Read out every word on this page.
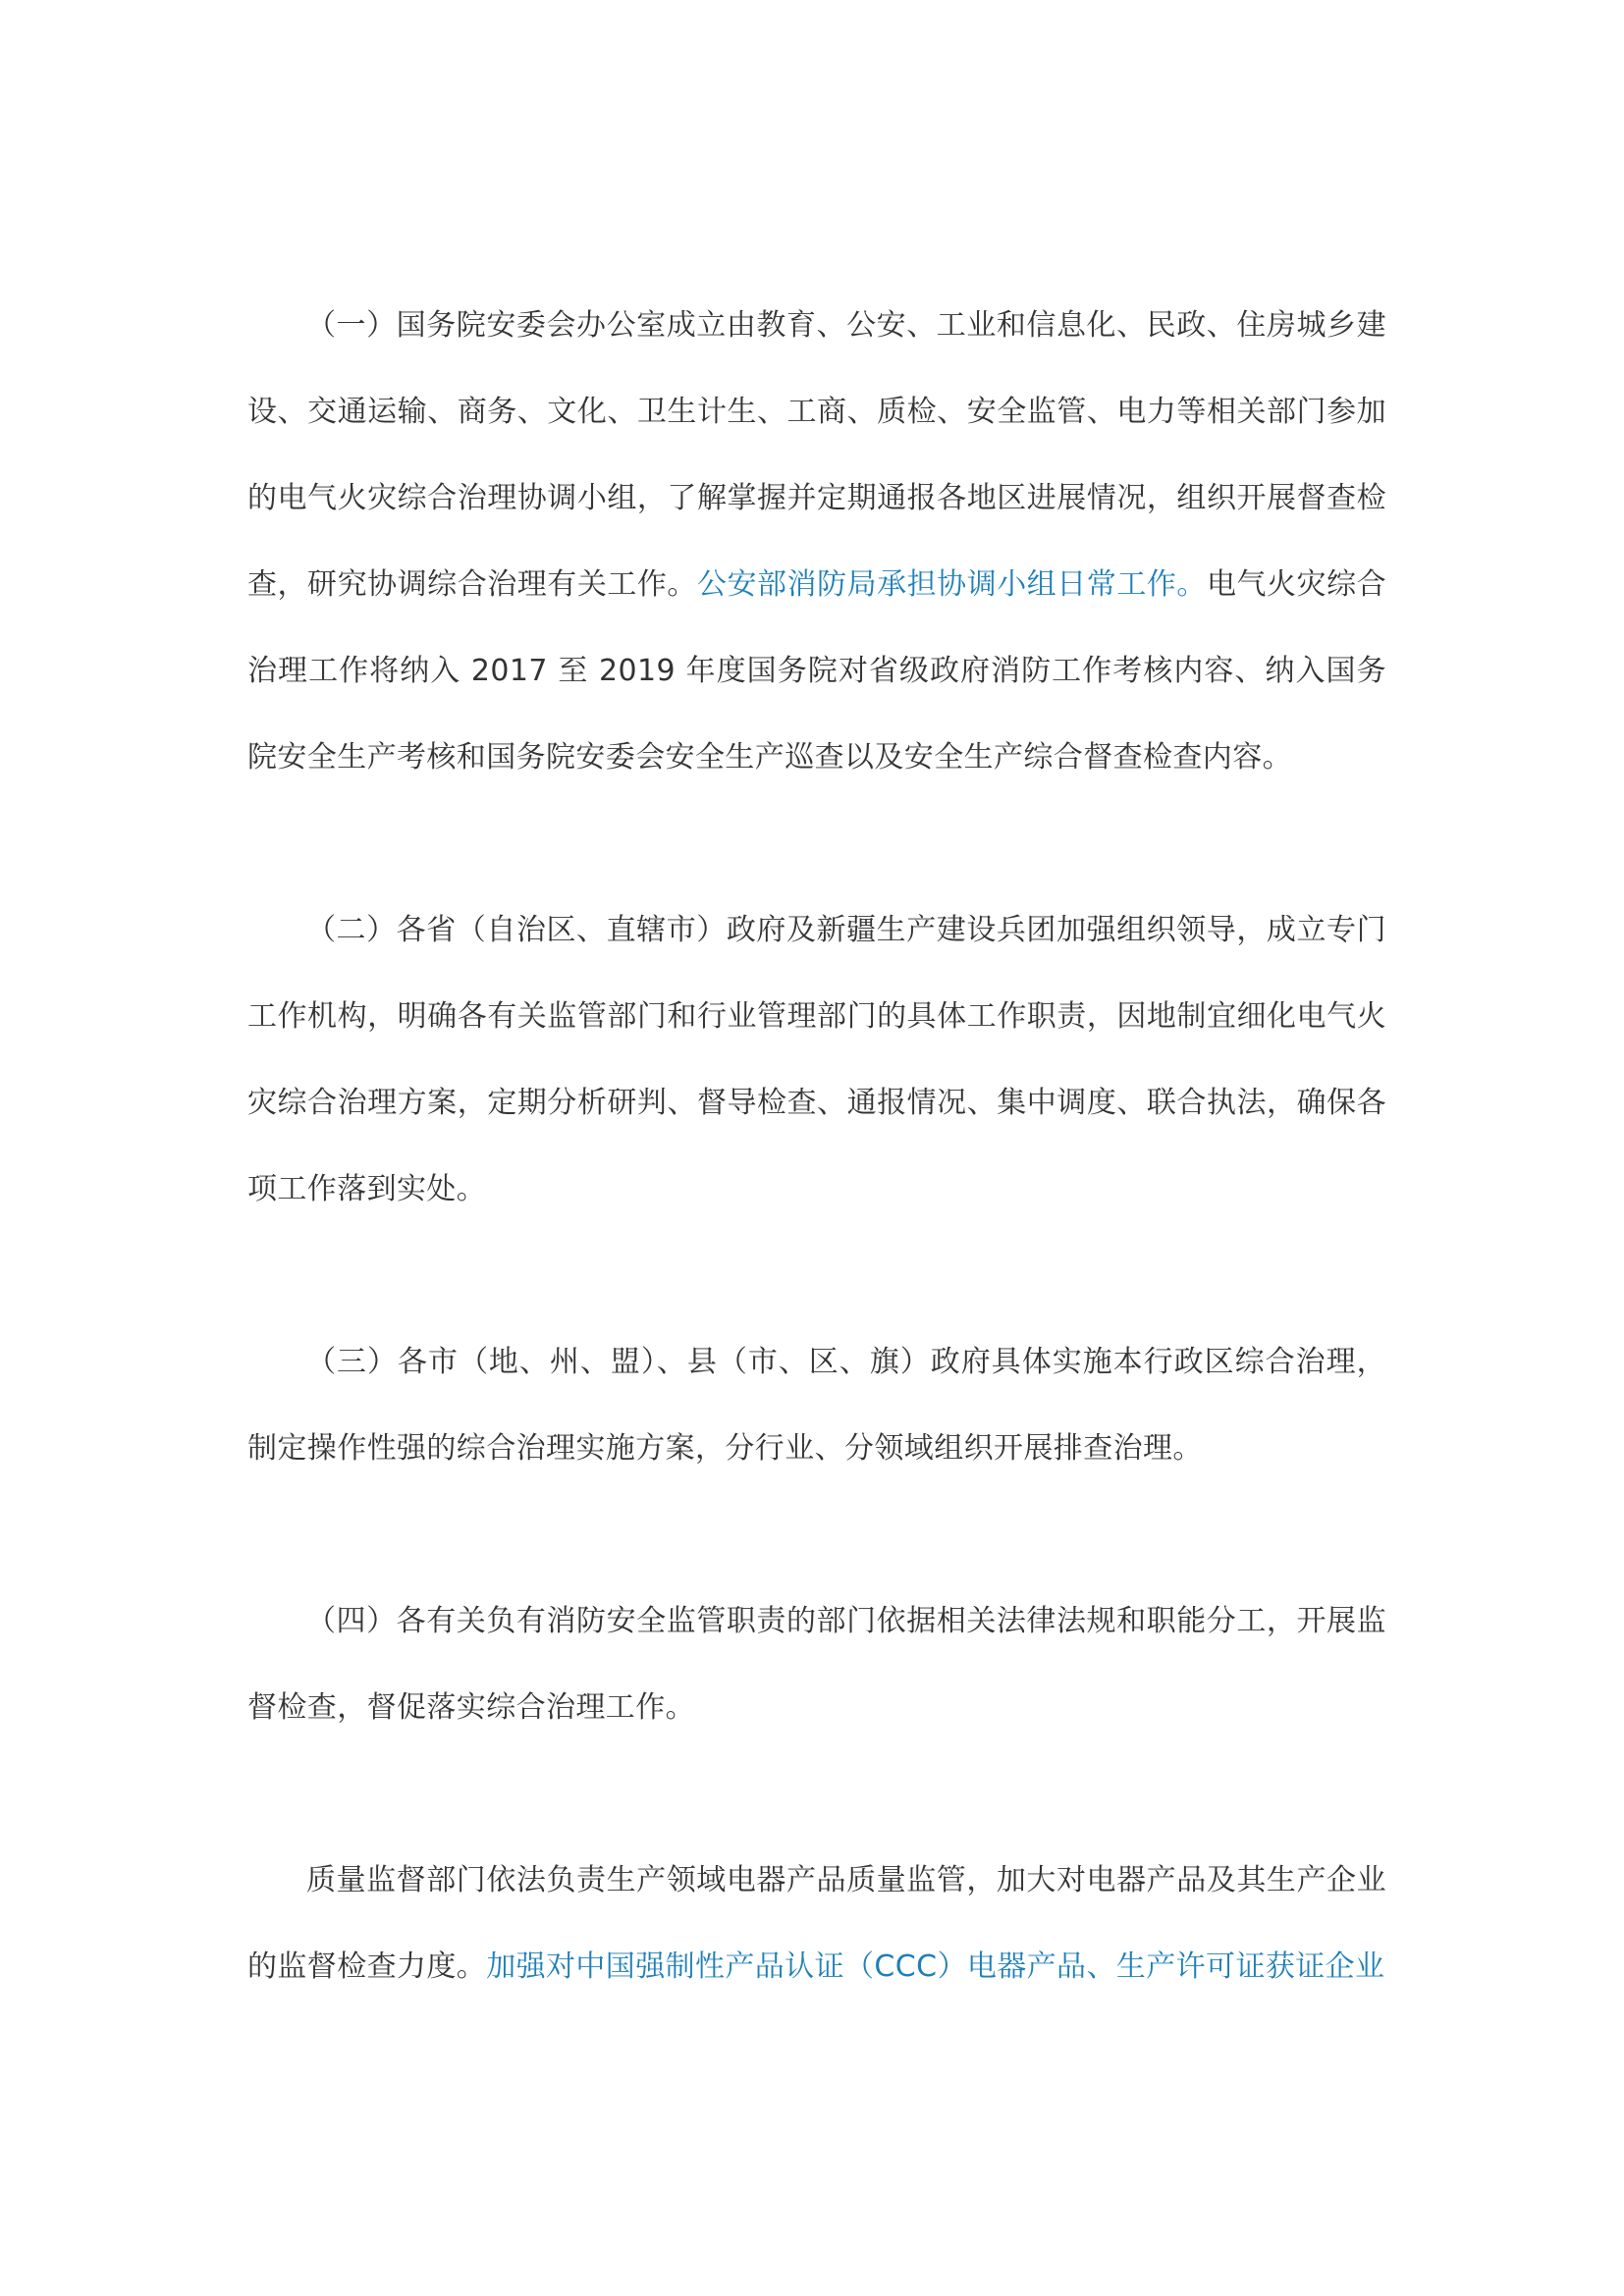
（一）国务院安委会办公室成立由教育、公安、工业和信息化、民政、住房城乡建设、交通运输、商务、文化、卫生计生、工商、质检、安全监管、电力等相关部门参加的电气火灾综合治理协调小组，了解掌握并定期通报各地区进展情况，组织开展督查检查，研究协调综合治理有关工作。公安部消防局承担协调小组日常工作。电气火灾综合治理工作将纳入 2017 至 2019 年度国务院对省级政府消防工作考核内容、纳入国务院安全生产考核和国务院安委会安全生产巡查以及安全生产综合督查检查内容。

（二）各省（自治区、直辖市）政府及新疆生产建设兵团加强组织领导，成立专门工作机构，明确各有关监管部门和行业管理部门的具体工作职责，因地制宜细化电气火灾综合治理方案，定期分析研判、督导检查、通报情况、集中调度、联合执法，确保各项工作落到实处。

（三）各市（地、州、盟）、县（市、区、旗）政府具体实施本行政区综合治理，制定操作性强的综合治理实施方案，分行业、分领域组织开展排查治理。

（四）各有关负有消防安全监管职责的部门依据相关法律法规和职能分工，开展监督检查，督促落实综合治理工作。

质量监督部门依法负责生产领域电器产品质量监管，加大对电器产品及其生产企业的监督检查力度。加强对中国强制性产品认证（CCC）电器产品、生产许可证获证企业
